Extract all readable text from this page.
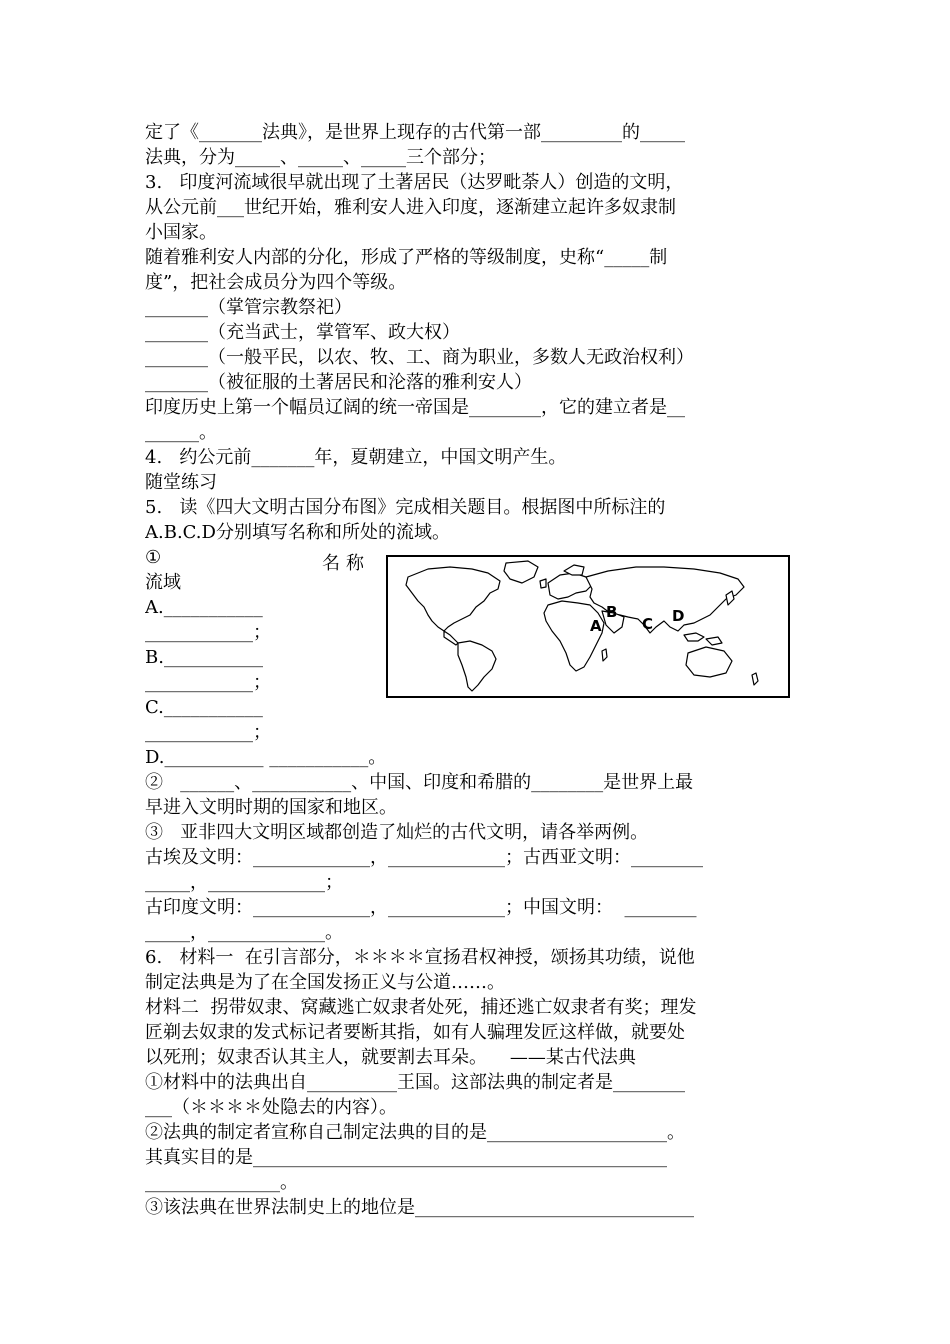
定了《_______法典》，是世界上现存的古代第一部_________的_____
法典，分为_____、_____、_____三个部分；
3.   印度河流域很早就出现了土著居民（达罗毗荼人）创造的文明，
从公元前___世纪开始，雅利安人进入印度，逐渐建立起许多奴隶制
小国家。
随着雅利安人内部的分化，形成了严格的等级制度，史称“_____制
度”，把社会成员分为四个等级。
_______（掌管宗教祭祀）
_______（充当武士，掌管军、政大权）
_______（一般平民，以农、牧、工、商为职业，多数人无政治权利）
_______（被征服的土著居民和沦落的雅利安人）
印度历史上第一个幅员辽阔的统一帝国是________，它的建立者是__
______。
4.   约公元前_______年，夏朝建立，中国文明产生。
随堂练习
5.   读《四大文明古国分布图》完成相关题目。根据图中所标注的
A.B.C.D分别填写名称和所处的流域。
①
流域
A.___________
____________；
B.___________
____________；
C.___________
____________；
D.___________ ___________。
②   ______、___________、中国、印度和希腊的________是世界上最
早进入文明时期的国家和地区。
③   亚非四大文明区域都创造了灿烂的古代文明，请各举两例。
古埃及文明：_____________，_____________；古西亚文明：________
_____，_____________；
古印度文明：_____________，_____________；中国文明：  ________
_____，_____________。
6.   材料一  在引言部分，＊＊＊＊宣扬君权神授，颂扬其功绩，说他
制定法典是为了在全国发扬正义与公道……。
材料二  拐带奴隶、窝藏逃亡奴隶者处死，捕还逃亡奴隶者有奖；理发
匠剃去奴隶的发式标记者要断其指，如有人骗理发匠这样做，就要处
以死刑；奴隶否认其主人，就要割去耳朵。    ——某古代法典
①材料中的法典出自__________王国。这部法典的制定者是________
___（＊＊＊＊处隐去的内容）。
②法典的制定者宣称自己制定法典的目的是____________________。
其真实目的是______________________________________________
_______________。
③该法典在世界法制史上的地位是_______________________________
名称
A
B
C D
